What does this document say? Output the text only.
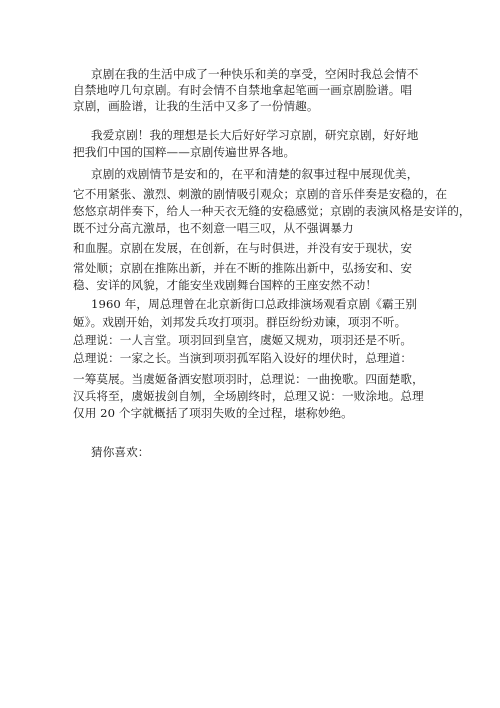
京剧在我的生活中成了一种快乐和美的享受，空闲时我总会情不
自禁地哼几句京剧。有时会情不自禁地拿起笔画一画京剧脸谱。唱
京剧，画脸谱，让我的生活中又多了一份情趣。
我爱京剧！我的理想是长大后好好学习京剧，研究京剧，好好地
把我们中国的国粹——京剧传遍世界各地。
京剧的戏剧情节是安和的，在平和清楚的叙事过程中展现优美，
它不用紧张、激烈、刺激的剧情吸引观众；京剧的音乐伴奏是安稳的，在
悠悠京胡伴奏下，给人一种天衣无缝的安稳感觉；京剧的表演风格是安详的，
既不过分高亢激昂，也不刻意一唱三叹，从不强调暴力
和血腥。京剧在发展，在创新，在与时俱进，并没有安于现状，安
常处顺；京剧在推陈出新，并在不断的推陈出新中，弘扬安和、安
稳、安详的风貌，才能安坐戏剧舞台国粹的王座安然不动！
1960 年，周总理曾在北京新街口总政排演场观看京剧《霸王别
姬》。戏剧开始，刘邦发兵攻打项羽。群臣纷纷劝谏，项羽不听。
总理说：一人言堂。项羽回到皇宫，虞姬又规劝，项羽还是不听。
总理说：一家之长。当演到项羽孤军陷入设好的埋伏时，总理道：
一筹莫展。当虞姬备酒安慰项羽时，总理说：一曲挽歌。四面楚歌，
汉兵将至，虞姬拔剑自刎，全场剧终时，总理又说：一败涂地。总理
仅用 20 个字就概括了项羽失败的全过程，堪称妙绝。
猜你喜欢：
